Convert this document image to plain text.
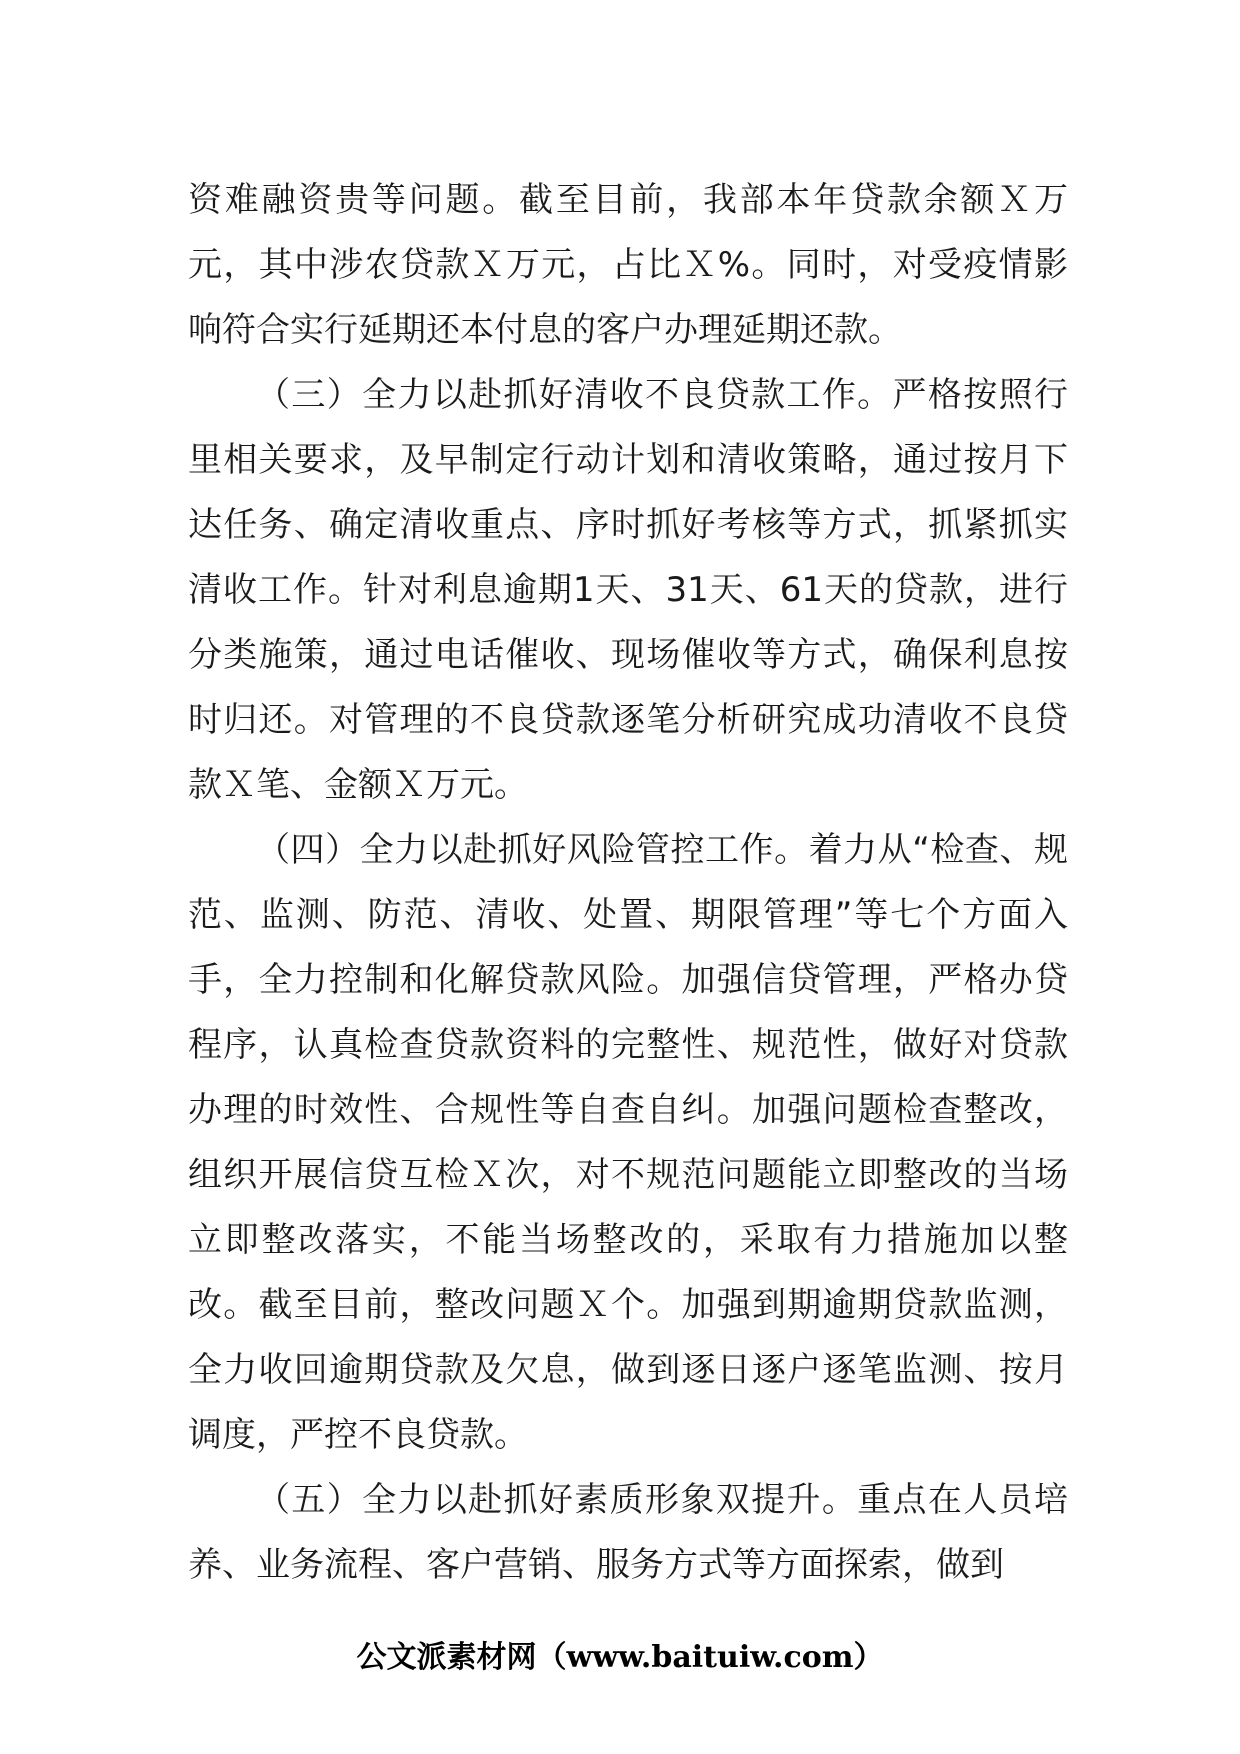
资难融资贵等问题。截至目前，我部本年贷款余额Ｘ万元，其中涉农贷款Ｘ万元，占比Ｘ%。同时，对受疫情影响符合实行延期还本付息的客户办理延期还款。

（三）全力以赴抓好清收不良贷款工作。严格按照行里相关要求，及早制定行动计划和清收策略，通过按月下达任务、确定清收重点、序时抓好考核等方式，抓紧抓实清收工作。针对利息逾期1天、31天、61天的贷款，进行分类施策，通过电话催收、现场催收等方式，确保利息按时归还。对管理的不良贷款逐笔分析研究成功清收不良贷款Ｘ笔、金额Ｘ万元。

（四）全力以赴抓好风险管控工作。着力从“检查、规范、监测、防范、清收、处置、期限管理”等七个方面入手，全力控制和化解贷款风险。加强信贷管理，严格办贷程序，认真检查贷款资料的完整性、规范性，做好对贷款办理的时效性、合规性等自查自纠。加强问题检查整改，组织开展信贷互检Ｘ次，对不规范问题能立即整改的当场立即整改落实，不能当场整改的，采取有力措施加以整改。截至目前，整改问题Ｘ个。加强到期逾期贷款监测，全力收回逾期贷款及欠息，做到逐日逐户逐笔监测、按月调度，严控不良贷款。

（五）全力以赴抓好素质形象双提升。重点在人员培养、业务流程、客户营销、服务方式等方面探索，做到

公文派素材网（www.baituiw.com）
